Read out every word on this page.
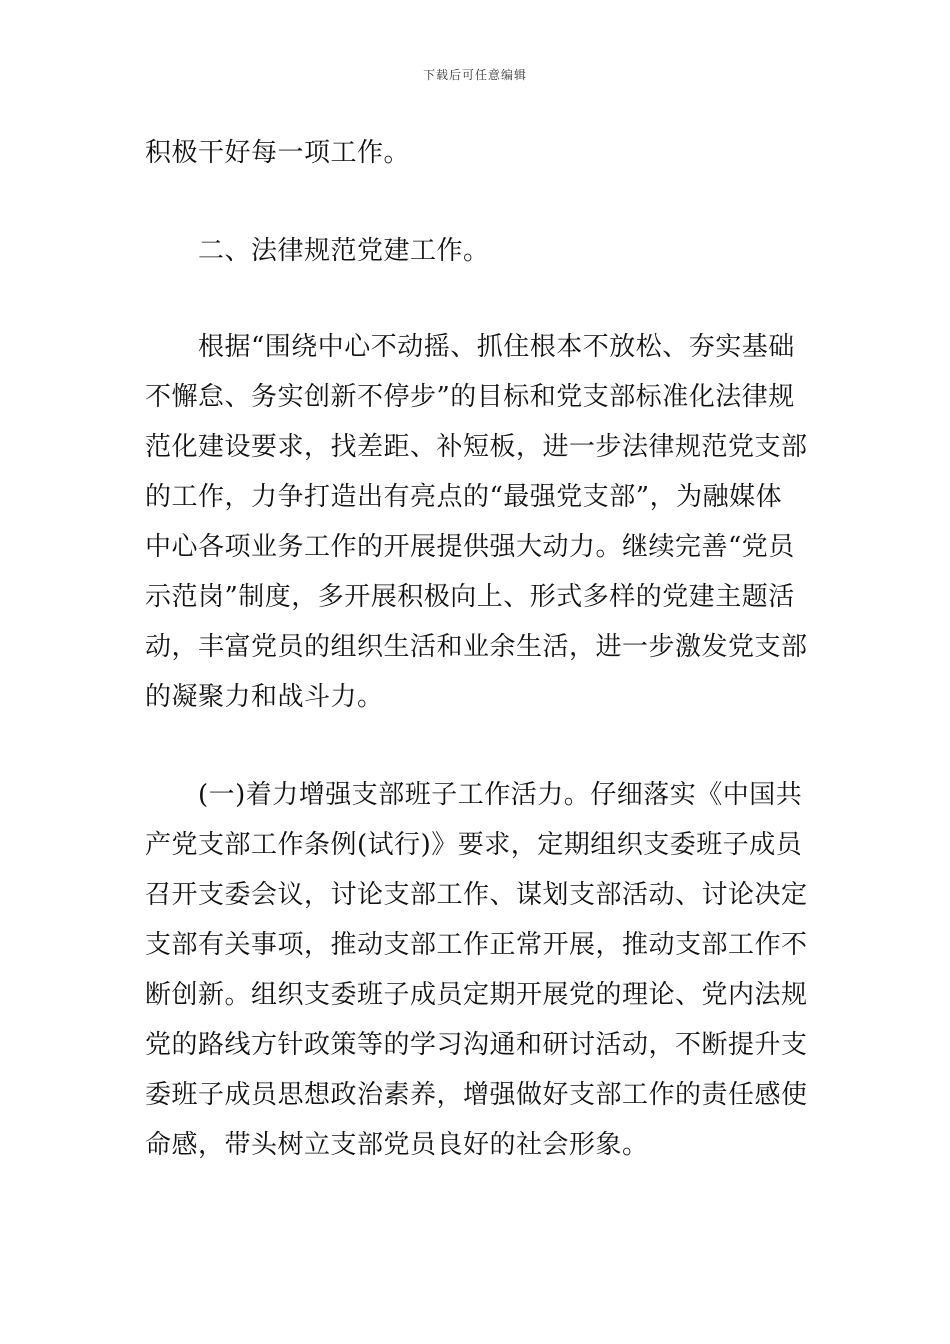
下载后可任意编辑

积极干好每一项工作。

二、法律规范党建工作。

根据“围绕中心不动摇、抓住根本不放松、夯实基础
不懈怠、务实创新不停步”的目标和党支部标准化法律规
范化建设要求，找差距、补短板，进一步法律规范党支部
的工作，力争打造出有亮点的“最强党支部”，为融媒体
中心各项业务工作的开展提供强大动力。继续完善“党员
示范岗”制度，多开展积极向上、形式多样的党建主题活
动，丰富党员的组织生活和业余生活，进一步激发党支部
的凝聚力和战斗力。

(一)着力增强支部班子工作活力。仔细落实《中国共
产党支部工作条例(试行)》要求，定期组织支委班子成员
召开支委会议，讨论支部工作、谋划支部活动、讨论决定
支部有关事项，推动支部工作正常开展，推动支部工作不
断创新。组织支委班子成员定期开展党的理论、党内法规
党的路线方针政策等的学习沟通和研讨活动，不断提升支
委班子成员思想政治素养，增强做好支部工作的责任感使
命感，带头树立支部党员良好的社会形象。
